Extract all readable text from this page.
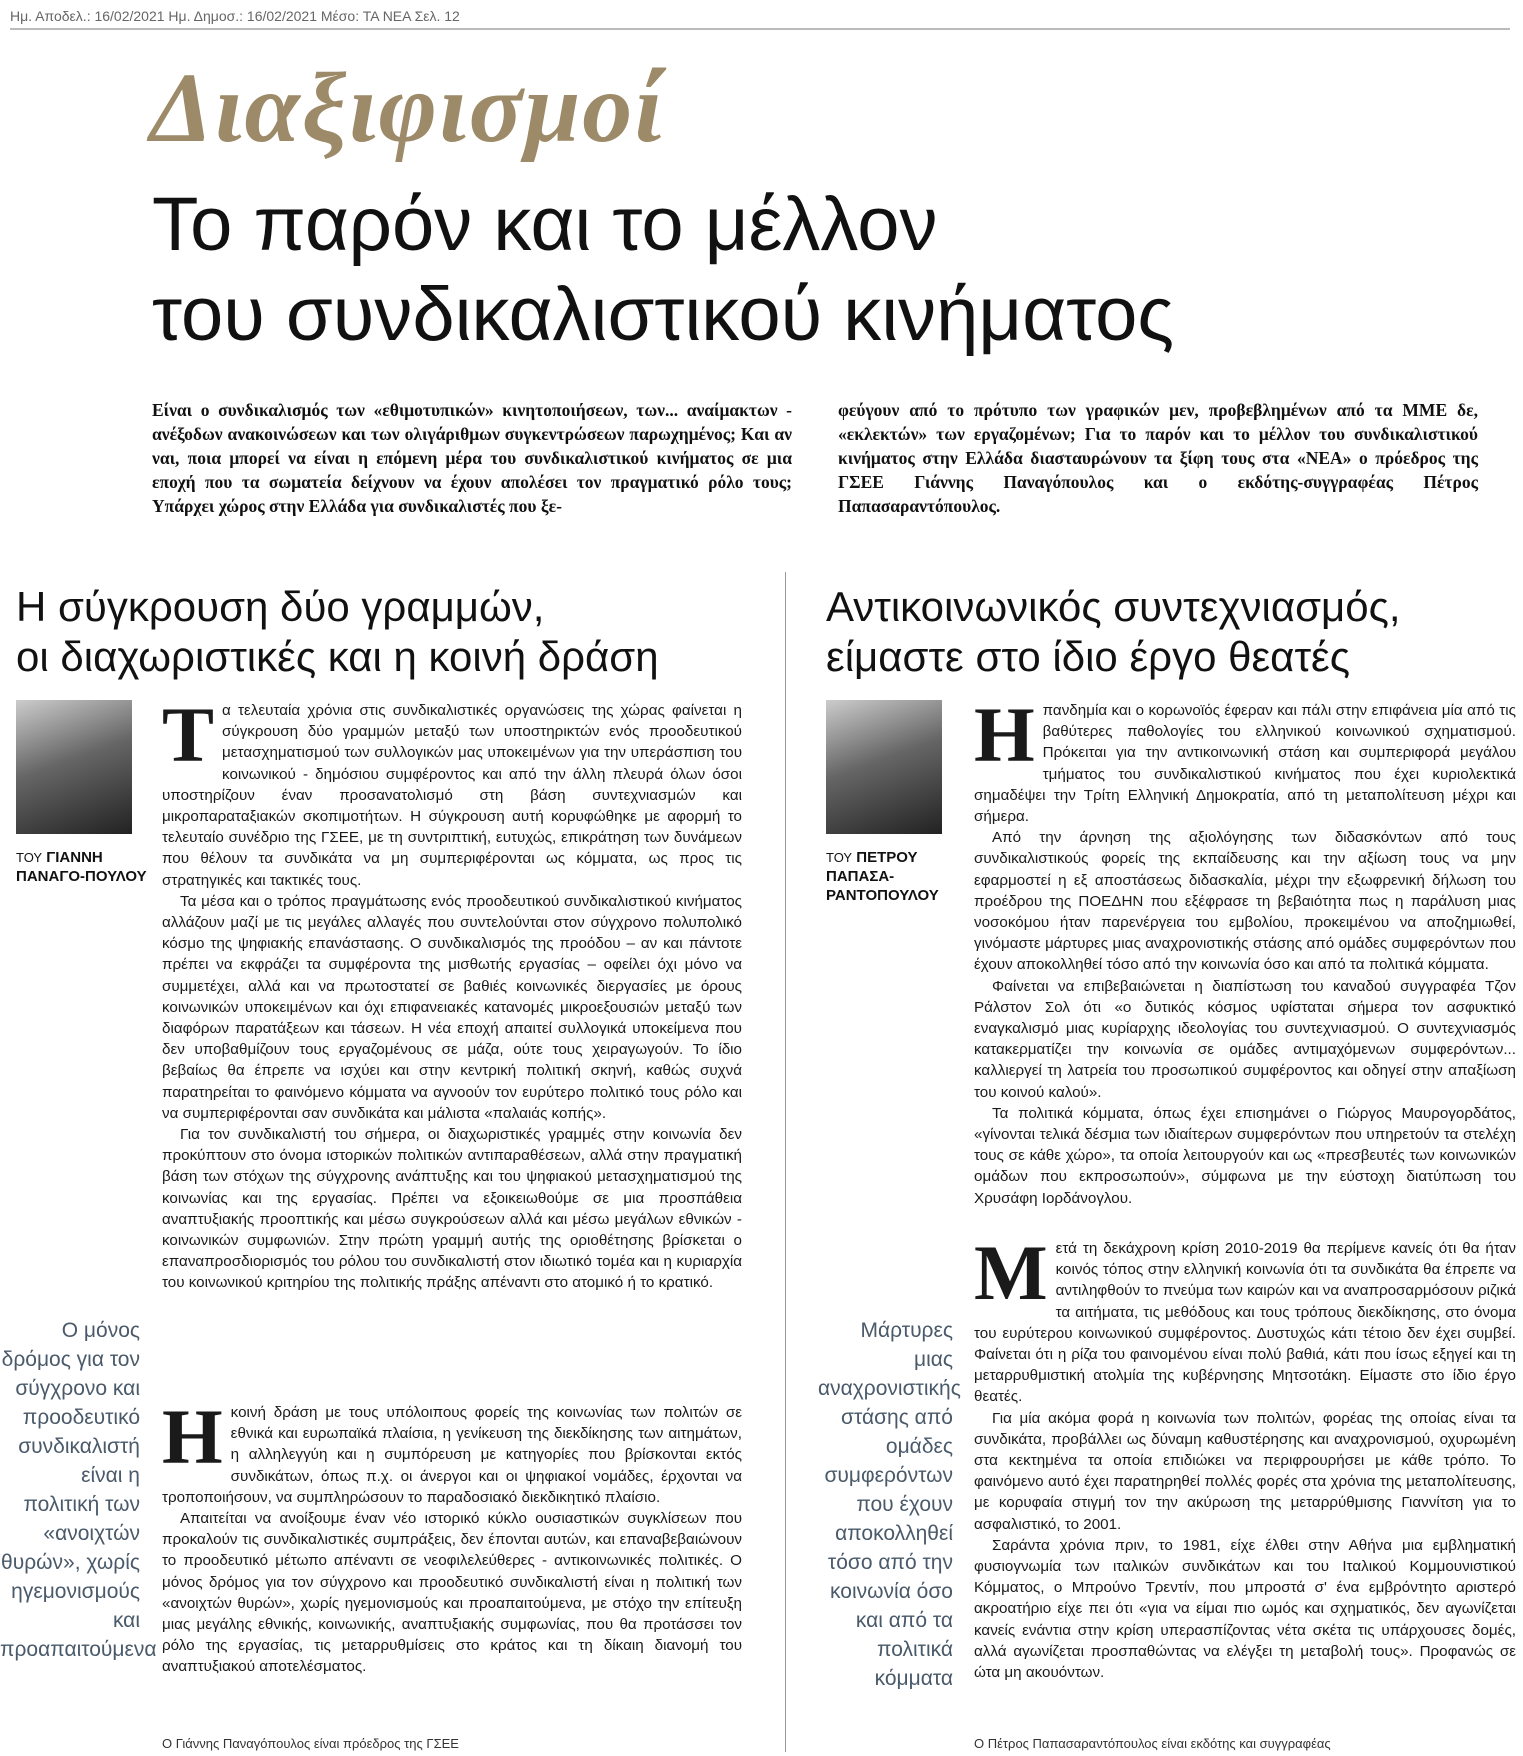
Ημ. Αποδελ.: 16/02/2021 Ημ. Δημοσ.: 16/02/2021 Μέσο: ΤΑ ΝΕΑ Σελ. 12
Διαξιφισμοί
Το παρόν και το μέλλον
του συνδικαλιστικού κινήματος
Είναι ο συνδικαλισμός των «εθιμοτυπικών» κινητοποιήσεων, των... αναίμακτων - ανέξοδων ανακοινώσεων και των ολιγάριθμων συγκεντρώσεων παρωχημένος; Και αν ναι, ποια μπορεί να είναι η επόμενη μέρα του συνδικαλιστικού κινήματος σε μια εποχή που τα σωματεία δείχνουν να έχουν απολέσει τον πραγματικό ρόλο τους; Υπάρχει χώρος στην Ελλάδα για συνδικαλιστές που ξε-
φεύγουν από το πρότυπο των γραφικών μεν, προβεβλημένων από τα ΜΜΕ δε, «εκλεκτών» των εργαζομένων; Για το παρόν και το μέλλον του συνδικαλιστικού κινήματος στην Ελλάδα διασταυρώνουν τα ξίφη τους στα «ΝΕΑ» ο πρόεδρος της ΓΣΕΕ Γιάννης Παναγόπουλος και ο εκδότης-συγγραφέας Πέτρος Παπασαραντόπουλος.
Η σύγκρουση δύο γραμμών,
οι διαχωριστικές και η κοινή δράση
ΤΟΥ ΓΙΑΝΝΗ ΠΑΝΑΓΟ-ΠΟΥΛΟΥ

Τα τελευταία χρόνια στις συνδικαλιστικές οργανώσεις της χώρας φαίνεται η σύγκρουση δύο γραμμών μεταξύ των υποστηρικτών ενός προοδευτικού μετασχηματισμού των συλλογικών μας υποκειμένων για την υπεράσπιση του κοινωνικού - δημόσιου συμφέροντος και από την άλλη πλευρά όλων όσοι υποστηρίζουν έναν προσανατολισμό στη βάση συντεχνιασμών και μικροπαραταξιακών σκοπιμοτήτων. Η σύγκρουση αυτή κορυφώθηκε με αφορμή το τελευταίο συνέδριο της ΓΣΕΕ, με τη συντριπτική, ευτυχώς, επικράτηση των δυνάμεων που θέλουν τα συνδικάτα να μη συμπεριφέρονται ως κόμματα, ως προς τις στρατηγικές και τακτικές τους.

Τα μέσα και ο τρόπος πραγμάτωσης ενός προοδευτικού συνδικαλιστικού κινήματος αλλάζουν μαζί με τις μεγάλες αλλαγές που συντελούνται στον σύγχρονο πολυπολικό κόσμο της ψηφιακής επανάστασης. Ο συνδικαλισμός της προόδου – αν και πάντοτε πρέπει να εκφράζει τα συμφέροντα της μισθωτής εργασίας – οφείλει όχι μόνο να συμμετέχει, αλλά και να πρωτοστατεί σε βαθιές κοινωνικές διεργασίες με όρους κοινωνικών υποκειμένων και όχι επιφανειακές κατανομές μικροεξουσιών μεταξύ των διαφόρων παρατάξεων και τάσεων. Η νέα εποχή απαιτεί συλλογικά υποκείμενα που δεν υποβαθμίζουν τους εργαζομένους σε μάζα, ούτε τους χειραγωγούν. Το ίδιο βεβαίως θα έπρεπε να ισχύει και στην κεντρική πολιτική σκηνή, καθώς συχνά παρατηρείται το φαινόμενο κόμματα να αγνοούν τον ευρύτερο πολιτικό τους ρόλο και να συμπεριφέρονται σαν συνδικάτα και μάλιστα «παλαιάς κοπής».

Για τον συνδικαλιστή του σήμερα, οι διαχωριστικές γραμμές στην κοινωνία δεν προκύπτουν στο όνομα ιστορικών πολιτικών αντιπαραθέσεων, αλλά στην πραγματική βάση των στόχων της σύγχρονης ανάπτυξης και του ψηφιακού μετασχηματισμού της κοινωνίας και της εργασίας. Πρέπει να εξοικειωθούμε σε μια προσπάθεια αναπτυξιακής προοπτικής και μέσω συγκρούσεων αλλά και μέσω μεγάλων εθνικών - κοινωνικών συμφωνιών. Στην πρώτη γραμμή αυτής της οριοθέτησης βρίσκεται ο επαναπροσδιορισμός του ρόλου του συνδικαλιστή στον ιδιωτικό τομέα και η κυριαρχία του κοινωνικού κριτηρίου της πολιτικής πράξης απέναντι στο ατομικό ή το κρατικό.

Ηκοινή δράση με τους υπόλοιπους φορείς της κοινωνίας των πολιτών σε εθνικά και ευρωπαϊκά πλαίσια, η γενίκευση της διεκδίκησης των αιτημάτων, η αλληλεγγύη και η συμπόρευση με κατηγορίες που βρίσκονται εκτός συνδικάτων, όπως π.χ. οι άνεργοι και οι ψηφιακοί νομάδες, έρχονται να τροποποιήσουν, να συμπληρώσουν το παραδοσιακό διεκδικητικό πλαίσιο.

Απαιτείται να ανοίξουμε έναν νέο ιστορικό κύκλο ουσιαστικών συγκλίσεων που προκαλούν τις συνδικαλιστικές συμπράξεις, δεν έπονται αυτών, και επαναβεβαιώνουν το προοδευτικό μέτωπο απέναντι σε νεοφιλελεύθερες - αντικοινωνικές πολιτικές. Ο μόνος δρόμος για τον σύγχρονο και προοδευτικό συνδικαλιστή είναι η πολιτική των «ανοιχτών θυρών», χωρίς ηγεμονισμούς και προαπαιτούμενα, με στόχο την επίτευξη μιας μεγάλης εθνικής, κοινωνικής, αναπτυξιακής συμφωνίας, που θα προτάσσει τον ρόλο της εργασίας, τις μεταρρυθμίσεις στο κράτος και τη δίκαιη διανομή του αναπτυξιακού αποτελέσματος.

Ο μόνος δρόμος για τον σύγχρονο και προοδευτικό συνδικαλιστή είναι η πολιτική των «ανοιχτών θυρών», χωρίς ηγεμονισμούς και προαπαιτούμενα
Ο Γιάννης Παναγόπουλος είναι πρόεδρος της ΓΣΕΕ
Αντικοινωνικός συντεχνιασμός,
είμαστε στο ίδιο έργο θεατές
ΤΟΥ ΠΕΤΡΟΥ ΠΑΠΑΣΑ-ΡΑΝΤΟΠΟΥΛΟΥ

Ηπανδημία και ο κορωνοϊός έφεραν και πάλι στην επιφάνεια μία από τις βαθύτερες παθολογίες του ελληνικού κοινωνικού σχηματισμού. Πρόκειται για την αντικοινωνική στάση και συμπεριφορά μεγάλου τμήματος του συνδικαλιστικού κινήματος που έχει κυριολεκτικά σημαδέψει την Τρίτη Ελληνική Δημοκρατία, από τη μεταπολίτευση μέχρι και σήμερα.

Από την άρνηση της αξιολόγησης των διδασκόντων από τους συνδικαλιστικούς φορείς της εκπαίδευσης και την αξίωση τους να μην εφαρμοστεί η εξ αποστάσεως διδασκαλία, μέχρι την εξωφρενική δήλωση του προέδρου της ΠΟΕΔΗΝ που εξέφρασε τη βεβαιότητα πως η παράλυση μιας νοσοκόμου ήταν παρενέργεια του εμβολίου, προκειμένου να αποζημιωθεί, γινόμαστε μάρτυρες μιας αναχρονιστικής στάσης από ομάδες συμφερόντων που έχουν αποκολληθεί τόσο από την κοινωνία όσο και από τα πολιτικά κόμματα.

Φαίνεται να επιβεβαιώνεται η διαπίστωση του καναδού συγγραφέα Τζον Ράλστον Σολ ότι «ο δυτικός κόσμος υφίσταται σήμερα τον ασφυκτικό εναγκαλισμό μιας κυρίαρχης ιδεολογίας του συντεχνιασμού. Ο συντεχνιασμός κατακερματίζει την κοινωνία σε ομάδες αντιμαχόμενων συμφερόντων... καλλιεργεί τη λατρεία του προσωπικού συμφέροντος και οδηγεί στην απαξίωση του κοινού καλού».

Τα πολιτικά κόμματα, όπως έχει επισημάνει ο Γιώργος Μαυρογορδάτος, «γίνονται τελικά δέσμια των ιδιαίτερων συμφερόντων που υπηρετούν τα στελέχη τους σε κάθε χώρο», τα οποία λειτουργούν και ως «πρεσβευτές των κοινωνικών ομάδων που εκπροσωπούν», σύμφωνα με την εύστοχη διατύπωση του Χρυσάφη Ιορδάνογλου.

Μετά τη δεκάχρονη κρίση 2010-2019 θα περίμενε κανείς ότι θα ήταν κοινός τόπος στην ελληνική κοινωνία ότι τα συνδικάτα θα έπρεπε να αντιληφθούν το πνεύμα των καιρών και να αναπροσαρμόσουν ριζικά τα αιτήματα, τις μεθόδους και τους τρόπους διεκδίκησης, στο όνομα του ευρύτερου κοινωνικού συμφέροντος. Δυστυχώς κάτι τέτοιο δεν έχει συμβεί. Φαίνεται ότι η ρίζα του φαινομένου είναι πολύ βαθιά, κάτι που ίσως εξηγεί και τη μεταρρυθμιστική ατολμία της κυβέρνησης Μητσοτάκη. Είμαστε στο ίδιο έργο θεατές.

Για μία ακόμα φορά η κοινωνία των πολιτών, φορέας της οποίας είναι τα συνδικάτα, προβάλλει ως δύναμη καθυστέρησης και αναχρονισμού, οχυρωμένη στα κεκτημένα τα οποία επιδιώκει να περιφρουρήσει με κάθε τρόπο. Το φαινόμενο αυτό έχει παρατηρηθεί πολλές φορές στα χρόνια της μεταπολίτευσης, με κορυφαία στιγμή τον την ακύρωση της μεταρρύθμισης Γιαννίτση για το ασφαλιστικό, το 2001.

Σαράντα χρόνια πριν, το 1981, είχε έλθει στην Αθήνα μια εμβληματική φυσιογνωμία των ιταλικών συνδικάτων και του Ιταλικού Κομμουνιστικού Κόμματος, ο Μπρούνο Τρεντίν, που μπροστά σ' ένα εμβρόντητο αριστερό ακροατήριο είχε πει ότι «για να είμαι πιο ωμός και σχηματικός, δεν αγωνίζεται κανείς ενάντια στην κρίση υπερασπίζοντας νέτα σκέτα τις υπάρχουσες δομές, αλλά αγωνίζεται προσπαθώντας να ελέγξει τη μεταβολή τους». Προφανώς σε ώτα μη ακουόντων.

Μάρτυρες μιας αναχρονιστικής στάσης από ομάδες συμφερόντων που έχουν αποκολληθεί τόσο από την κοινωνία όσο και από τα πολιτικά κόμματα
Ο Πέτρος Παπασαραντόπουλος είναι εκδότης και συγγραφέας
